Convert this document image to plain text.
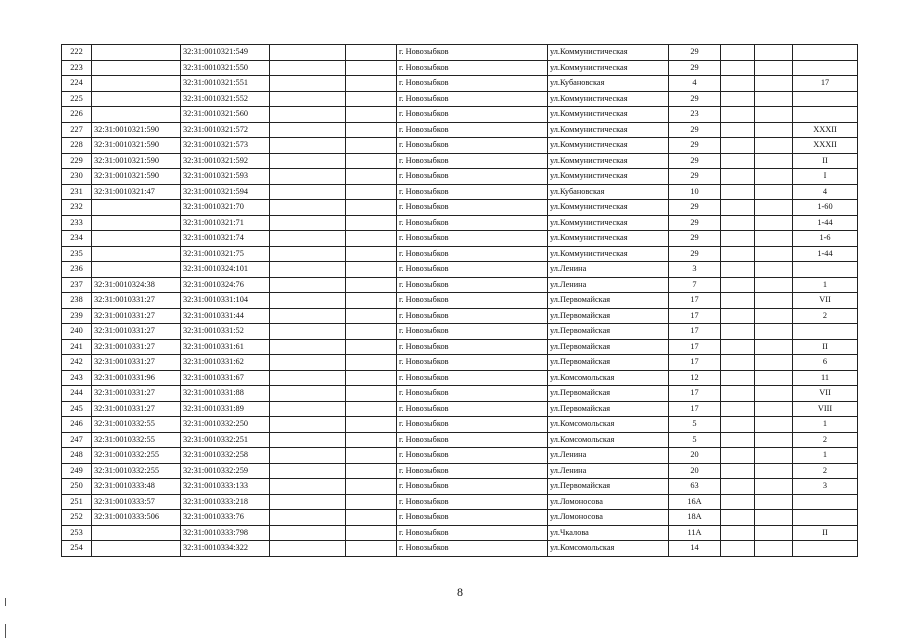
222		32:31:0010321:549			г. Новозыбков	ул.Коммунистическая	29			
223		32:31:0010321:550			г. Новозыбков	ул.Коммунистическая	29			
224		32:31:0010321:551			г. Новозыбков	ул.Кубановская	4			17
225		32:31:0010321:552			г. Новозыбков	ул.Коммунистическая	29			
226		32:31:0010321:560			г. Новозыбков	ул.Коммунистическая	23			
227	32:31:0010321:590	32:31:0010321:572			г. Новозыбков	ул.Коммунистическая	29			XXXII
228	32:31:0010321:590	32:31:0010321:573			г. Новозыбков	ул.Коммунистическая	29			XXXII
229	32:31:0010321:590	32:31:0010321:592			г. Новозыбков	ул.Коммунистическая	29			II
230	32:31:0010321:590	32:31:0010321:593			г. Новозыбков	ул.Коммунистическая	29			I
231	32:31:0010321:47	32:31:0010321:594			г. Новозыбков	ул.Кубановская	10			4
232		32:31:0010321:70			г. Новозыбков	ул.Коммунистическая	29			1-60
233		32:31:0010321:71			г. Новозыбков	ул.Коммунистическая	29			1-44
234		32:31:0010321:74			г. Новозыбков	ул.Коммунистическая	29			1-6
235		32:31:0010321:75			г. Новозыбков	ул.Коммунистическая	29			1-44
236		32:31:0010324:101			г. Новозыбков	ул.Ленина	3			
237	32:31:0010324:38	32:31:0010324:76			г. Новозыбков	ул.Ленина	7			1
238	32:31:0010331:27	32:31:0010331:104			г. Новозыбков	ул.Первомайская	17			VII
239	32:31:0010331:27	32:31:0010331:44			г. Новозыбков	ул.Первомайская	17			2
240	32:31:0010331:27	32:31:0010331:52			г. Новозыбков	ул.Первомайская	17			
241	32:31:0010331:27	32:31:0010331:61			г. Новозыбков	ул.Первомайская	17			II
242	32:31:0010331:27	32:31:0010331:62			г. Новозыбков	ул.Первомайская	17			6
243	32:31:0010331:96	32:31:0010331:67			г. Новозыбков	ул.Комсомольская	12			11
244	32:31:0010331:27	32:31:0010331:88			г. Новозыбков	ул.Первомайская	17			VII
245	32:31:0010331:27	32:31:0010331:89			г. Новозыбков	ул.Первомайская	17			VIII
246	32:31:0010332:55	32:31:0010332:250			г. Новозыбков	ул.Комсомольская	5			1
247	32:31:0010332:55	32:31:0010332:251			г. Новозыбков	ул.Комсомольская	5			2
248	32:31:0010332:255	32:31:0010332:258			г. Новозыбков	ул.Ленина	20			1
249	32:31:0010332:255	32:31:0010332:259			г. Новозыбков	ул.Ленина	20			2
250	32:31:0010333:48	32:31:0010333:133			г. Новозыбков	ул.Первомайская	63			3
251	32:31:0010333:57	32:31:0010333:218			г. Новозыбков	ул.Ломоносова	16А			
252	32:31:0010333:506	32:31:0010333:76			г. Новозыбков	ул.Ломоносова	18А			
253		32:31:0010333:798			г. Новозыбков	ул.Чкалова	11А			II
254		32:31:0010334:322			г. Новозыбков	ул.Комсомольская	14			
8
